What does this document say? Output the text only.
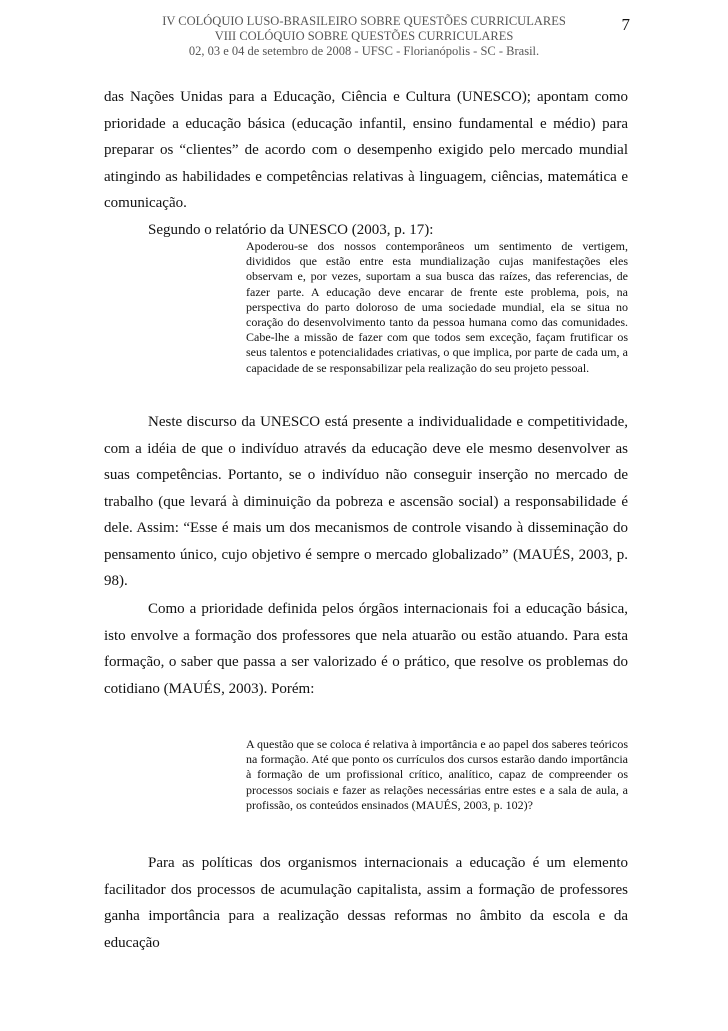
IV COLÓQUIO LUSO-BRASILEIRO SOBRE QUESTÕES CURRICULARES
VIII COLÓQUIO SOBRE QUESTÕES CURRICULARES
02, 03 e 04 de setembro de 2008 - UFSC - Florianópolis - SC - Brasil.
7

das Nações Unidas para a Educação, Ciência e Cultura (UNESCO); apontam como prioridade a educação básica (educação infantil, ensino fundamental e médio) para preparar os “clientes” de acordo com o desempenho exigido pelo mercado mundial atingindo as habilidades e competências relativas à linguagem, ciências, matemática e comunicação.

Segundo o relatório da UNESCO (2003, p. 17):

Apoderou-se dos nossos contemporâneos um sentimento de vertigem, divididos que estão entre esta mundialização cujas manifestações eles observam e, por vezes, suportam a sua busca das raízes, das referencias, de fazer parte. A educação deve encarar de frente este problema, pois, na perspectiva do parto doloroso de uma sociedade mundial, ela se situa no coração do desenvolvimento tanto da pessoa humana como das comunidades. Cabe-lhe a missão de fazer com que todos sem exceção, façam frutificar os seus talentos e potencialidades criativas, o que implica, por parte de cada um, a capacidade de se responsabilizar pela realização do seu projeto pessoal.

Neste discurso da UNESCO está presente a individualidade e competitividade, com a idéia de que o indivíduo através da educação deve ele mesmo desenvolver as suas competências. Portanto, se o indivíduo não conseguir inserção no mercado de trabalho (que levará à diminuição da pobreza e ascensão social) a responsabilidade é dele. Assim: “Esse é mais um dos mecanismos de controle visando à disseminação do pensamento único, cujo objetivo é sempre o mercado globalizado” (MAUÉS, 2003, p. 98).

Como a prioridade definida pelos órgãos internacionais foi a educação básica, isto envolve a formação dos professores que nela atuarão ou estão atuando. Para esta formação, o saber que passa a ser valorizado é o prático, que resolve os problemas do cotidiano (MAUÉS, 2003). Porém:

A questão que se coloca é relativa à importância e ao papel dos saberes teóricos na formação. Até que ponto os currículos dos cursos estarão dando importância à formação de um profissional crítico, analítico, capaz de compreender os processos sociais e fazer as relações necessárias entre estes e a sala de aula, a profissão, os conteúdos ensinados (MAUÉS, 2003, p. 102)?

Para as políticas dos organismos internacionais a educação é um elemento facilitador dos processos de acumulação capitalista, assim a formação de professores ganha importância para a realização dessas reformas no âmbito da escola e da educação
